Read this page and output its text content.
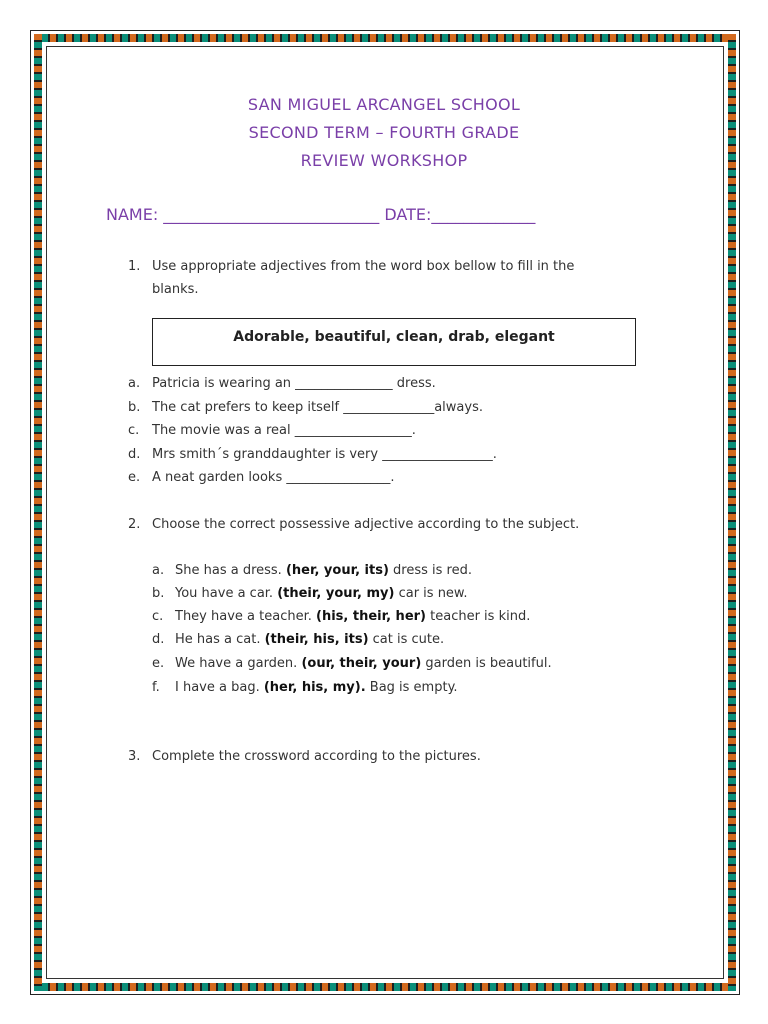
SAN MIGUEL ARCANGEL SCHOOL
SECOND TERM – FOURTH GRADE
REVIEW WORKSHOP
NAME: ___________________________ DATE:_____________
1. Use appropriate adjectives from the word box bellow to fill in the
blanks.
Adorable, beautiful, clean, drab, elegant
a. Patricia is wearing an _______________ dress.
b. The cat prefers to keep itself ______________always.
c. The movie was a real __________________.
d. Mrs smith´s granddaughter is very _________________.
e. A neat garden looks ________________.
2. Choose the correct possessive adjective according to the subject.
a. She has a dress. (her, your, its) dress is red.
b. You have a car. (their, your, my) car is new.
c. They have a teacher. (his, their, her) teacher is kind.
d. He has a cat. (their, his, its) cat is cute.
e. We have a garden. (our, their, your) garden is beautiful.
f. I have a bag. (her, his, my). Bag is empty.
3. Complete the crossword according to the pictures.
